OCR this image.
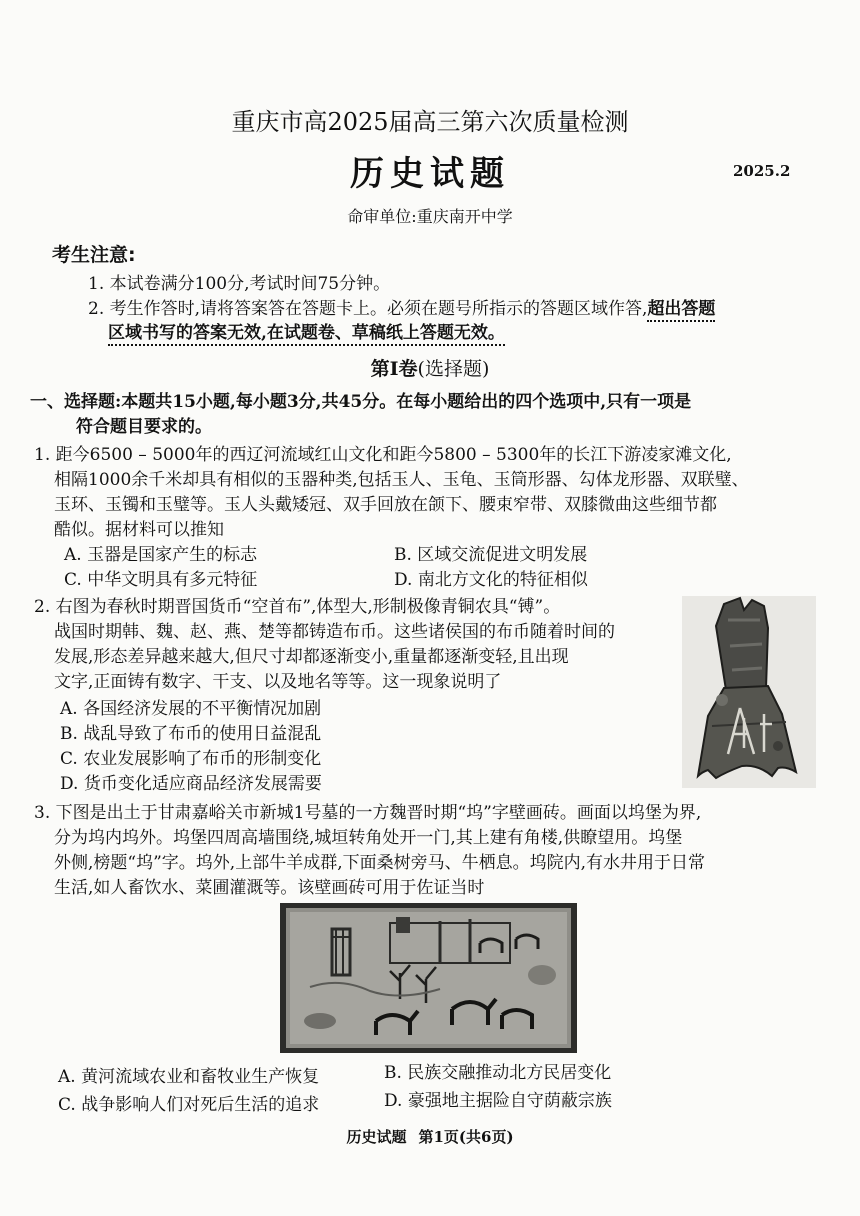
重庆市高2025届高三第六次质量检测
历史试题	2025.2
命审单位:重庆南开中学
考生注意:
1. 本试卷满分100分,考试时间75分钟。
2. 考生作答时,请将答案答在答题卡上。必须在题号所指示的答题区域作答,超出答题
区域书写的答案无效,在试题卷、草稿纸上答题无效。
第Ⅰ卷(选择题)
一、选择题:本题共15小题,每小题3分,共45分。在每小题给出的四个选项中,只有一项是
符合题目要求的。
1. 距今6500 – 5000年的西辽河流域红山文化和距今5800 – 5300年的长江下游凌家滩文化,
相隔1000余千米却具有相似的玉器种类,包括玉人、玉龟、玉筒形器、勾体龙形器、双联璧、
玉环、玉镯和玉璧等。玉人头戴矮冠、双手回放在颌下、腰束窄带、双膝微曲这些细节都
酷似。据材料可以推知
A. 玉器是国家产生的标志	B. 区域交流促进文明发展
C. 中华文明具有多元特征	D. 南北方文化的特征相似
2. 右图为春秋时期晋国货币“空首布”,体型大,形制极像青铜农具“镈”。
战国时期韩、魏、赵、燕、楚等都铸造布币。这些诸侯国的布币随着时间的
发展,形态差异越来越大,但尺寸却都逐渐变小,重量都逐渐变轻,且出现
文字,正面铸有数字、干支、以及地名等等。这一现象说明了
A. 各国经济发展的不平衡情况加剧
B. 战乱导致了布币的使用日益混乱
C. 农业发展影响了布币的形制变化
D. 货币变化适应商品经济发展需要
3. 下图是出土于甘肃嘉峪关市新城1号墓的一方魏晋时期“坞”字壁画砖。画面以坞堡为界,
分为坞内坞外。坞堡四周高墙围绕,城垣转角处开一门,其上建有角楼,供瞭望用。坞堡
外侧,榜题“坞”字。坞外,上部牛羊成群,下面桑树旁马、牛栖息。坞院内,有水井用于日常
生活,如人畜饮水、菜圃灌溉等。该壁画砖可用于佐证当时
A. 黄河流域农业和畜牧业生产恢复	B. 民族交融推动北方民居变化
C. 战争影响人们对死后生活的追求	D. 豪强地主据险自守荫蔽宗族
历史试题 第1页(共6页)
